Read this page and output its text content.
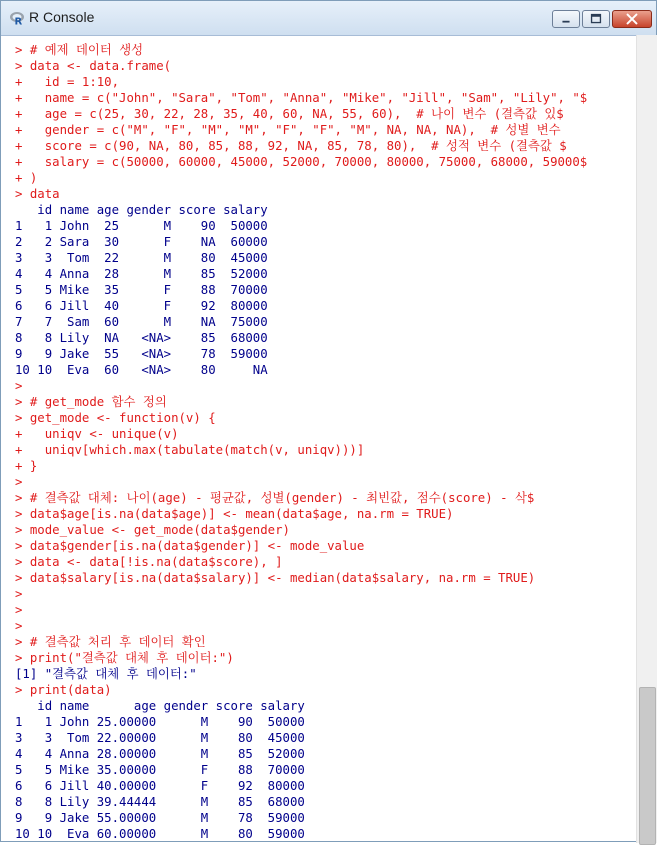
R R Console
> # 예제 데이터 생성
> data <- data.frame(
+   id = 1:10,
+   name = c("John", "Sara", "Tom", "Anna", "Mike", "Jill", "Sam", "Lily", "$
+   age = c(25, 30, 22, 28, 35, 40, 60, NA, 55, 60),  # 나이 변수 (결측값 있$
+   gender = c("M", "F", "M", "M", "F", "F", "M", NA, NA, NA),  # 성별 변수
+   score = c(90, NA, 80, 85, 88, 92, NA, 85, 78, 80),  # 성적 변수 (결측값 $
+   salary = c(50000, 60000, 45000, 52000, 70000, 80000, 75000, 68000, 59000$
+ )
> data
id name age gender score salary
1   1 John  25      M    90  50000
2   2 Sara  30      F    NA  60000
3   3  Tom  22      M    80  45000
4   4 Anna  28      M    85  52000
5   5 Mike  35      F    88  70000
6   6 Jill  40      F    92  80000
7   7  Sam  60      M    NA  75000
8   8 Lily  NA   <NA>    85  68000
9   9 Jake  55   <NA>    78  59000
10 10  Eva  60   <NA>    80     NA
>
> # get_mode 함수 정의
> get_mode <- function(v) {
+   uniqv <- unique(v)
+   uniqv[which.max(tabulate(match(v, uniqv)))]
+ }
>
> # 결측값 대체: 나이(age) - 평균값, 성별(gender) - 최빈값, 점수(score) - 삭$
> data$age[is.na(data$age)] <- mean(data$age, na.rm = TRUE)
> mode_value <- get_mode(data$gender)
> data$gender[is.na(data$gender)] <- mode_value
> data <- data[!is.na(data$score), ]
> data$salary[is.na(data$salary)] <- median(data$salary, na.rm = TRUE)
>
>
>
> # 결측값 처리 후 데이터 확인
> print("결측값 대체 후 데이터:")
[1] "결측값 대체 후 데이터:"
> print(data)
id name      age gender score salary
1   1 John 25.00000      M    90  50000
3   3  Tom 22.00000      M    80  45000
4   4 Anna 28.00000      M    85  52000
5   5 Mike 35.00000      F    88  70000
6   6 Jill 40.00000      F    92  80000
8   8 Lily 39.44444      M    85  68000
9   9 Jake 55.00000      M    78  59000
10 10  Eva 60.00000      M    80  59000
